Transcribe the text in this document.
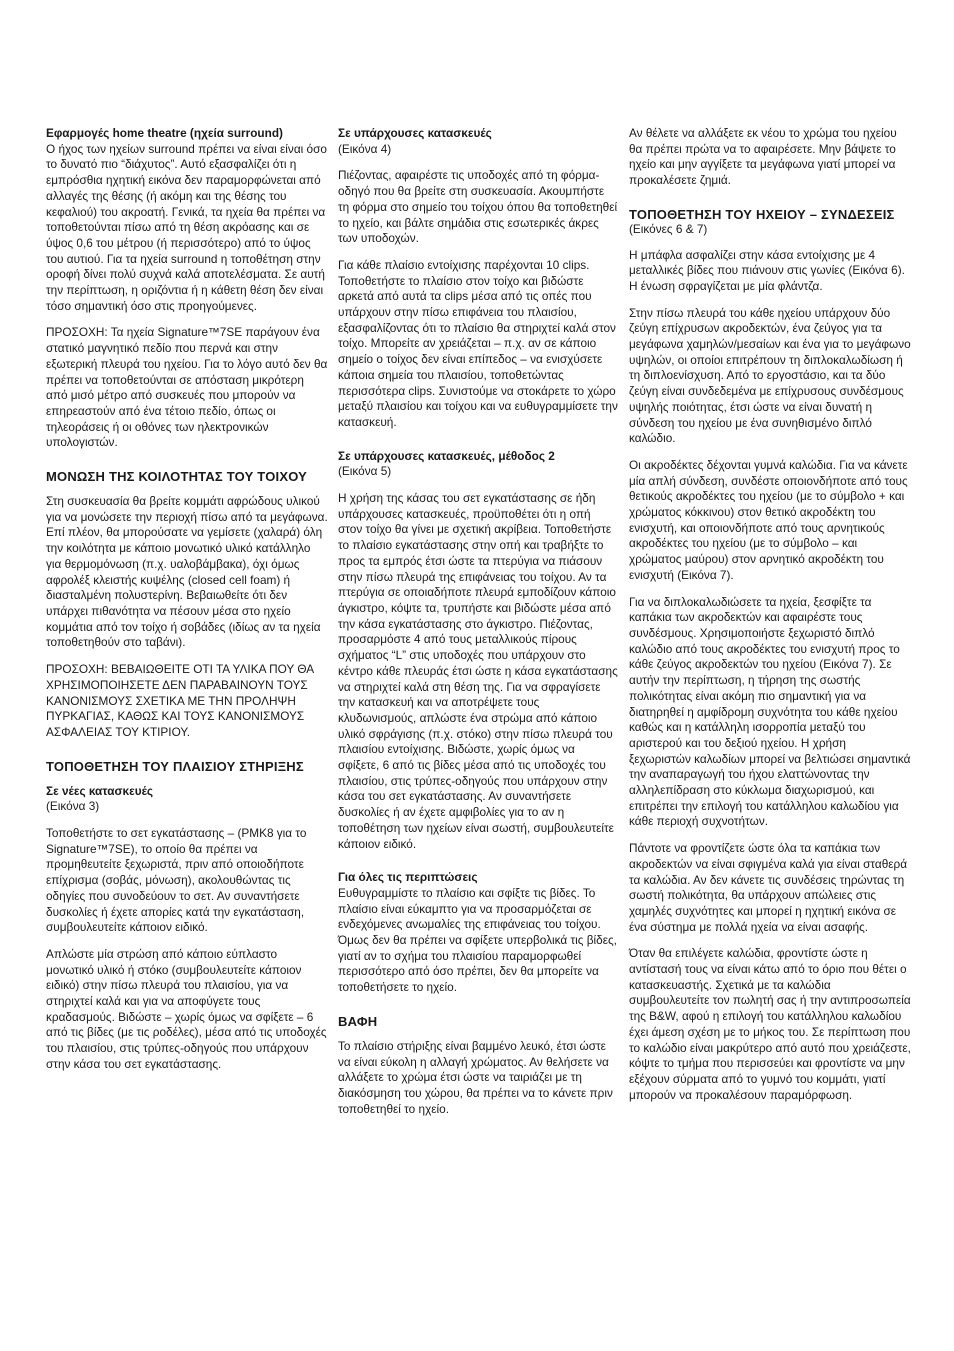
Εφαρμογές home theatre (ηχεία surround)
Ο ήχος των ηχείων surround πρέπει να είναι είναι όσο το δυνατό πιο “διάχυτος”. Αυτό εξασφαλίζει ότι η εμπρόσθια ηχητική εικόνα δεν παραμορφώνεται από αλλαγές της θέσης (ή ακόμη και της θέσης του κεφαλιού) του ακροατή. Γενικά, τα ηχεία θα πρέπει να τοποθετούνται πίσω από τη θέση ακρόασης και σε ύψος 0,6 του μέτρου (ή περισσότερο) από το ύψος του αυτιού. Για τα ηχεία surround η τοποθέτηση στην οροφή δίνει πολύ συχνά καλά αποτελέσματα. Σε αυτή την περίπτωση, η οριζόντια ή η κάθετη θέση δεν είναι τόσο σημαντική όσο στις προηγούμενες.

ΠΡΟΣΟΧΗ: Τα ηχεία Signature™7SE παράγουν ένα στατικό μαγνητικό πεδίο που περνά και στην εξωτερική πλευρά του ηχείου. Για το λόγο αυτό δεν θα πρέπει να τοποθετούνται σε απόσταση μικρότερη από μισό μέτρο από συσκευές που μπορούν να επηρεαστούν από ένα τέτοιο πεδίο, όπως οι τηλεοράσεις ή οι οθόνες των ηλεκτρονικών υπολογιστών.

ΜΟΝΩΣΗ ΤΗΣ ΚΟΙΛΟΤΗΤΑΣ ΤΟΥ ΤΟΙΧΟΥ

Στη συσκευασία θα βρείτε κομμάτι αφρώδους υλικού για να μονώσετε την περιοχή πίσω από τα μεγάφωνα. Επί πλέον, θα μπορούσατε να γεμίσετε (χαλαρά) όλη την κοιλότητα με κάποιο μονωτικό υλικό κατάλληλο για θερμομόνωση (π.χ. υαλοβάμβακα), όχι όμως αφρολέξ κλειστής κυψέλης (closed cell foam) ή διασταλμένη πολυστερίνη. Βεβαιωθείτε ότι δεν υπάρχει πιθανότητα να πέσουν μέσα στο ηχείο κομμάτια από τον τοίχο ή σοβάδες (ιδίως αν τα ηχεία τοποθετηθούν στο ταβάνι).

ΠΡΟΣΟΧΗ: ΒΕΒΑΙΩΘΕΙΤΕ ΟΤΙ ΤΑ ΥΛΙΚΑ ΠΟΥ ΘΑ ΧΡΗΣΙΜΟΠΟΙΗΣΕΤΕ ΔΕΝ ΠΑΡΑΒΑΙΝΟΥΝ ΤΟΥΣ ΚΑΝΟΝΙΣΜΟΥΣ ΣΧΕΤΙΚΑ ΜΕ ΤΗΝ ΠΡΟΛΗΨΗ ΠΥΡΚΑΓΙΑΣ, ΚΑΘΩΣ ΚΑΙ ΤΟΥΣ ΚΑΝΟΝΙΣΜΟΥΣ ΑΣΦΑΛΕΙΑΣ ΤΟΥ ΚΤΙΡΙΟΥ.

ΤΟΠΟΘΕΤΗΣΗ ΤΟΥ ΠΛΑΙΣΙΟΥ ΣΤΗΡΙΞΗΣ

Σε νέες κατασκευές
(Εικόνα 3)

Τοποθετήστε το σετ εγκατάστασης – (PMK8 για το Signature™7SE), το οποίο θα πρέπει να προμηθευτείτε ξεχωριστά, πριν από οποιοδήποτε επίχρισμα (σοβάς, μόνωση), ακολουθώντας τις οδηγίες που συνοδεύουν το σετ. Αν συναντήσετε δυσκολίες ή έχετε απορίες κατά την εγκατάσταση, συμβουλευτείτε κάποιον ειδικό.

Απλώστε μία στρώση από κάποιο εύπλαστο μονωτικό υλικό ή στόκο (συμβουλευτείτε κάποιον ειδικό) στην πίσω πλευρά του πλαισίου, για να στηριχτεί καλά και για να αποφύγετε τους κραδασμούς. Βιδώστε – χωρίς όμως να σφίξετε – 6 από τις βίδες (με τις ροδέλες), μέσα από τις υποδοχές του πλαισίου, στις τρύπες-οδηγούς που υπάρχουν στην κάσα του σετ εγκατάστασης.

Σε υπάρχουσες κατασκευές
(Εικόνα 4)

Πιέζοντας, αφαιρέστε τις υποδοχές από τη φόρμα-οδηγό που θα βρείτε στη συσκευασία. Ακουμπήστε τη φόρμα στο σημείο του τοίχου όπου θα τοποθετηθεί το ηχείο, και βάλτε σημάδια στις εσωτερικές άκρες των υποδοχών.

Για κάθε πλαίσιο εντοίχισης παρέχονται 10 clips. Τοποθετήστε το πλαίσιο στον τοίχο και βιδώστε αρκετά από αυτά τα clips μέσα από τις οπές που υπάρχουν στην πίσω επιφάνεια του πλαισίου, εξασφαλίζοντας ότι το πλαίσιο θα στηριχτεί καλά στον τοίχο. Μπορείτε αν χρειάζεται – π.χ. αν σε κάποιο σημείο ο τοίχος δεν είναι επίπεδος – να ενισχύσετε κάποια σημεία του πλαισίου, τοποθετώντας περισσότερα clips. Συνιστούμε να στοκάρετε το χώρο μεταξύ πλαισίου και τοίχου και να ευθυγραμμίσετε την κατασκευή.

Σε υπάρχουσες κατασκευές, μέθοδος 2
(Εικόνα 5)

Η χρήση της κάσας του σετ εγκατάστασης σε ήδη υπάρχουσες κατασκευές, προϋποθέτει ότι η οπή στον τοίχο θα γίνει με σχετική ακρίβεια. Τοποθετήστε το πλαίσιο εγκατάστασης στην οπή και τραβήξτε το προς τα εμπρός έτσι ώστε τα πτερύγια να πιάσουν στην πίσω πλευρά της επιφάνειας του τοίχου. Αν τα πτερύγια σε οποιαδήποτε πλευρά εμποδίζουν κάποιο άγκιστρο, κόψτε τα, τρυπήστε και βιδώστε μέσα από την κάσα εγκατάστασης στο άγκιστρο. Πιέζοντας, προσαρμόστε 4 από τους μεταλλικούς πίρους σχήματος “L” στις υποδοχές που υπάρχουν στο κέντρο κάθε πλευράς έτσι ώστε η κάσα εγκατάστασης να στηριχτεί καλά στη θέση της. Για να σφραγίσετε την κατασκευή και να αποτρέψετε τους κλυδωνισμούς, απλώστε ένα στρώμα από κάποιο υλικό σφράγισης (π.χ. στόκο) στην πίσω πλευρά του πλαισίου εντοίχισης. Βιδώστε, χωρίς όμως να σφίξετε, 6 από τις βίδες μέσα από τις υποδοχές του πλαισίου, στις τρύπες-οδηγούς που υπάρχουν στην κάσα του σετ εγκατάστασης. Αν συναντήσετε δυσκολίες ή αν έχετε αμφιβολίες για το αν η τοποθέτηση των ηχείων είναι σωστή, συμβουλευτείτε κάποιον ειδικό.

Για όλες τις περιπτώσεις
Ευθυγραμμίστε το πλαίσιο και σφίξτε τις βίδες. Το πλαίσιο είναι εύκαμπτο για να προσαρμόζεται σε ενδεχόμενες ανωμαλίες της επιφάνειας του τοίχου. Όμως δεν θα πρέπει να σφίξετε υπερβολικά τις βίδες, γιατί αν το σχήμα του πλαισίου παραμορφωθεί περισσότερο από όσο πρέπει, δεν θα μπορείτε να τοποθετήσετε το ηχείο.

ΒΑΦΗ

Το πλαίσιο στήριξης είναι βαμμένο λευκό, έτσι ώστε να είναι εύκολη η αλλαγή χρώματος. Αν θελήσετε να αλλάξετε το χρώμα έτσι ώστε να ταιριάζει με τη διακόσμηση του χώρου, θα πρέπει να το κάνετε πριν τοποθετηθεί το ηχείο.

Αν θέλετε να αλλάξετε εκ νέου το χρώμα του ηχείου θα πρέπει πρώτα να το αφαιρέσετε. Μην βάψετε το ηχείο και μην αγγίξετε τα μεγάφωνα γιατί μπορεί να προκαλέσετε ζημιά.

ΤΟΠΟΘΕΤΗΣΗ ΤΟΥ ΗΧΕΙΟΥ – ΣΥΝΔΕΣΕΙΣ
(Εικόνες 6 & 7)

Η μπάφλα ασφαλίζει στην κάσα εντοίχισης με 4 μεταλλικές βίδες που πιάνουν στις γωνίες (Εικόνα 6). Η ένωση σφραγίζεται με μία φλάντζα.

Στην πίσω πλευρά του κάθε ηχείου υπάρχουν δύο ζεύγη επίχρυσων ακροδεκτών, ένα ζεύγος για τα μεγάφωνα χαμηλών/μεσαίων και ένα για το μεγάφωνο υψηλών, οι οποίοι επιτρέπουν τη διπλοκαλωδίωση ή τη διπλοενίσχυση. Από το εργοστάσιο, και τα δύο ζεύγη είναι συνδεδεμένα με επίχρυσους συνδέσμους υψηλής ποιότητας, έτσι ώστε να είναι δυνατή η σύνδεση του ηχείου με ένα συνηθισμένο διπλό καλώδιο.

Οι ακροδέκτες δέχονται γυμνά καλώδια. Για να κάνετε μία απλή σύνδεση, συνδέστε οποιονδήποτε από τους θετικούς ακροδέκτες του ηχείου (με το σύμβολο + και χρώματος κόκκινου) στον θετικό ακροδέκτη του ενισχυτή, και οποιονδήποτε από τους αρνητικούς ακροδέκτες του ηχείου (με το σύμβολο – και χρώματος μαύρου) στον αρνητικό ακροδέκτη του ενισχυτή (Εικόνα 7).

Για να διπλοκαλωδιώσετε τα ηχεία, ξεσφίξτε τα καπάκια των ακροδεκτών και αφαιρέστε τους συνδέσμους. Χρησιμοποιήστε ξεχωριστό διπλό καλώδιο από τους ακροδέκτες του ενισχυτή προς το κάθε ζεύγος ακροδεκτών του ηχείου (Εικόνα 7). Σε αυτήν την περίπτωση, η τήρηση της σωστής πολικότητας είναι ακόμη πιο σημαντική για να διατηρηθεί η αμφίδρομη συχνότητα του κάθε ηχείου καθώς και η κατάλληλη ισορροπία μεταξύ του αριστερού και του δεξιού ηχείου. Η χρήση ξεχωριστών καλωδίων μπορεί να βελτιώσει σημαντικά την αναπαραγωγή του ήχου ελαττώνοντας την αλληλεπίδραση στο κύκλωμα διαχωρισμού, και επιτρέπει την επιλογή του κατάλληλου καλωδίου για κάθε περιοχή συχνοτήτων.

Πάντοτε να φροντίζετε ώστε όλα τα καπάκια των ακροδεκτών να είναι σφιγμένα καλά για είναι σταθερά τα καλώδια. Αν δεν κάνετε τις συνδέσεις τηρώντας τη σωστή πολικότητα, θα υπάρχουν απώλειες στις χαμηλές συχνότητες και μπορεί η ηχητική εικόνα σε ένα σύστημα με πολλά ηχεία να είναι ασαφής.

Όταν θα επιλέγετε καλώδια, φροντίστε ώστε η αντίστασή τους να είναι κάτω από το όριο που θέτει ο κατασκευαστής. Σχετικά με τα καλώδια συμβουλευτείτε τον πωλητή σας ή την αντιπροσωπεία της B&W, αφού η επιλογή του κατάλληλου καλωδίου έχει άμεση σχέση με το μήκος του. Σε περίπτωση που το καλώδιο είναι μακρύτερο από αυτό που χρειάζεστε, κόψτε το τμήμα που περισσεύει και φροντίστε να μην εξέχουν σύρματα από το γυμνό του κομμάτι, γιατί μπορούν να προκαλέσουν παραμόρφωση.
